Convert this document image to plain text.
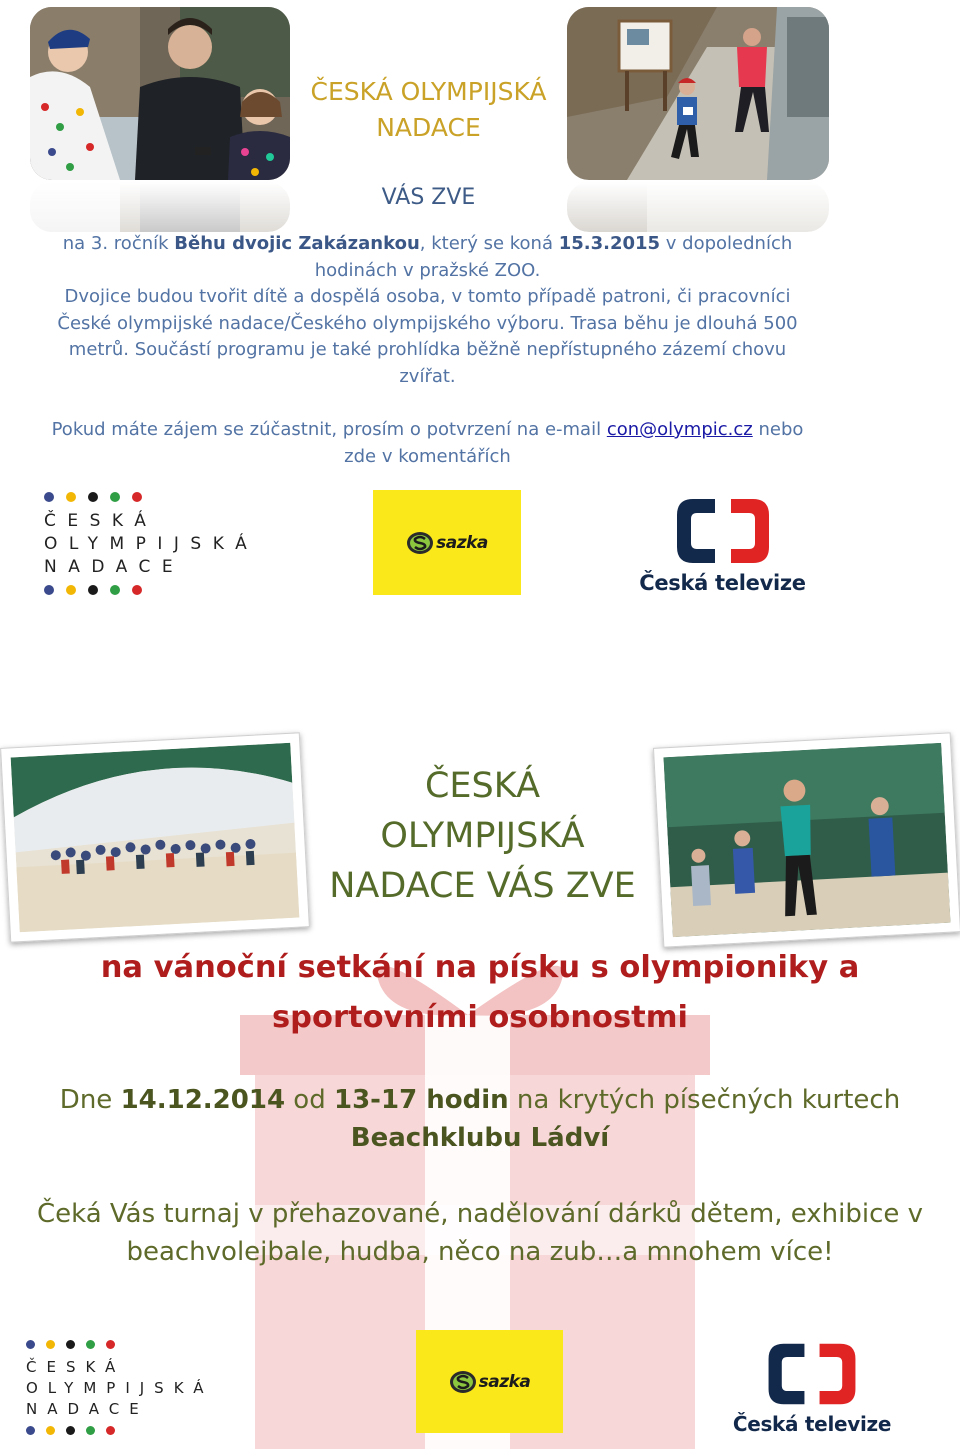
ČESKÁ OLYMPIJSKÁ
NADACE
VÁS ZVE
na 3. ročník Běhu dvojic Zakázankou, který se koná 15.3.2015 v dopoledních hodinách v pražské ZOO.
Dvojice budou tvořit dítě a dospělá osoba, v tomto případě patroni, či pracovníci České olympijské nadace/Českého olympijského výboru. Trasa běhu je dlouhá 500 metrů. Součástí programu je také prohlídka běžně nepřístupného zázemí chovu zvířat.
Pokud máte zájem se zúčastnit, prosím o potvrzení na e-mail con@olympic.cz nebo zde v komentářích
ČESKÁ
OLYMPIJSKÁ
NADACE
sazka
Česká televize
ČESKÁ
OLYMPIJSKÁ
NADACE VÁS ZVE
na vánoční setkání na písku s olympioniky a
sportovními osobnostmi
Dne 14.12.2014 od 13-17 hodin na krytých písečných kurtech
Beachklubu Ládví
Čeká Vás turnaj v přehazované, nadělování dárků dětem, exhibice v
beachvolejbale, hudba, něco na zub…a mnohem více!
ČESKÁ
OLYMPIJSKÁ
NADACE
sazka
Česká televize
